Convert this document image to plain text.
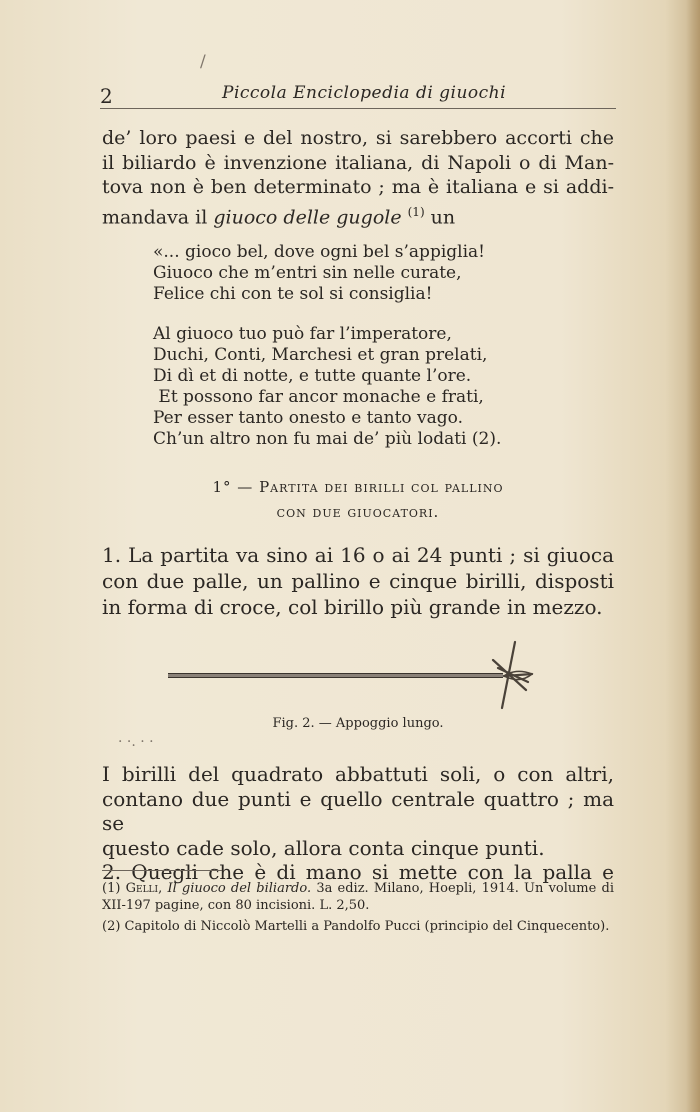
/
2	Piccola Enciclopedia di giuochi
de’ loro paesi e del nostro, si sarebbero accorti che
il biliardo è invenzione italiana, di Napoli o di Man-
tova non è ben determinato ; ma è italiana e si addi-
mandava il giuoco delle gugole $^{(1)}$ un
«... gioco bel, dove ogni bel s’appiglia!
Giuoco che m’entri sin nelle curate,
Felice chi con te sol si consiglia!
Al giuoco tuo può far l’imperatore,
Duchi, Conti, Marchesi et gran prelati,
Di dì et di notte, e tutte quante l’ore.
Et possono far ancor monache e frati,
Per esser tanto onesto e tanto vago.
Ch’un altro non fu mai de’ più lodati (2).
1° — Partita dei birilli col pallino
con due giuocatori.
1. La partita va sino ai 16 o ai 24 punti ; si giuoca
con due palle, un pallino e cinque birilli, disposti
in forma di croce, col birillo più grande in mezzo.
Fig. 2. — Appoggio lungo.
· ·. · ·
I birilli del quadrato abbattuti soli, o con altri,
contano due punti e quello centrale quattro ; ma se
questo cade solo, allora conta cinque punti.
2. Quegli che è di mano si mette con la palla e

(1) Gelli, Il giuoco del biliardo. 3a ediz. Milano, Hoepli, 1914. Un volume di XII-197 pagine, con 80 incisioni. L. 2,50.

(2) Capitolo di Niccolò Martelli a Pandolfo Pucci (principio del Cinquecento).
